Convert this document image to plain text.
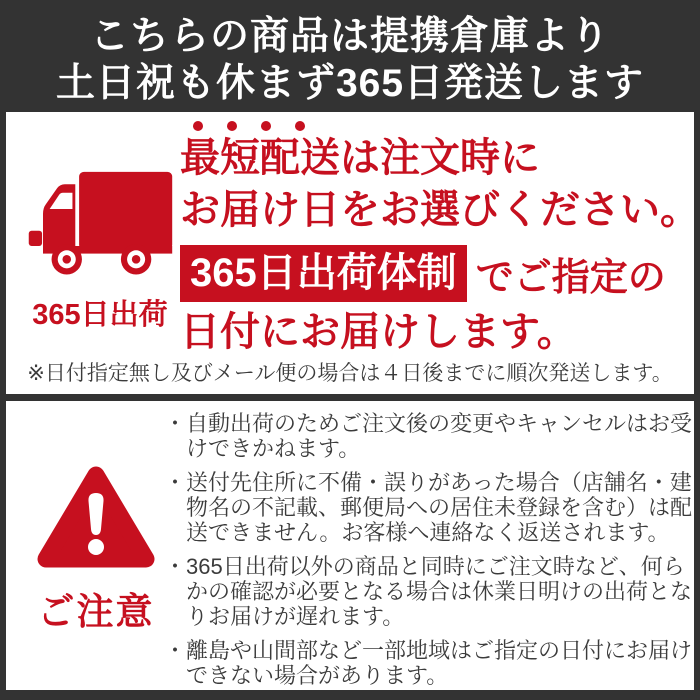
こちらの商品は提携倉庫より
土日祝も休まず365日発送します
365日出荷
最短配送は注文時に
お届け日をお選びください。
365日出荷体制 でご指定の
日付にお届けします。
※日付指定無し及びメール便の場合は４日後までに順次発送します。
ご注意
・自動出荷のためご注文後の変更やキャンセルはお受けできかねます。
・送付先住所に不備・誤りがあった場合（店舗名・建物名の不記載、郵便局への居住未登録を含む）は配送できません。お客様へ連絡なく返送されます。
・365日出荷以外の商品と同時にご注文時など、何らかの確認が必要となる場合は休業日明けの出荷となりお届けが遅れます。
・離島や山間部など一部地域はご指定の日付にお届けできない場合があります。
